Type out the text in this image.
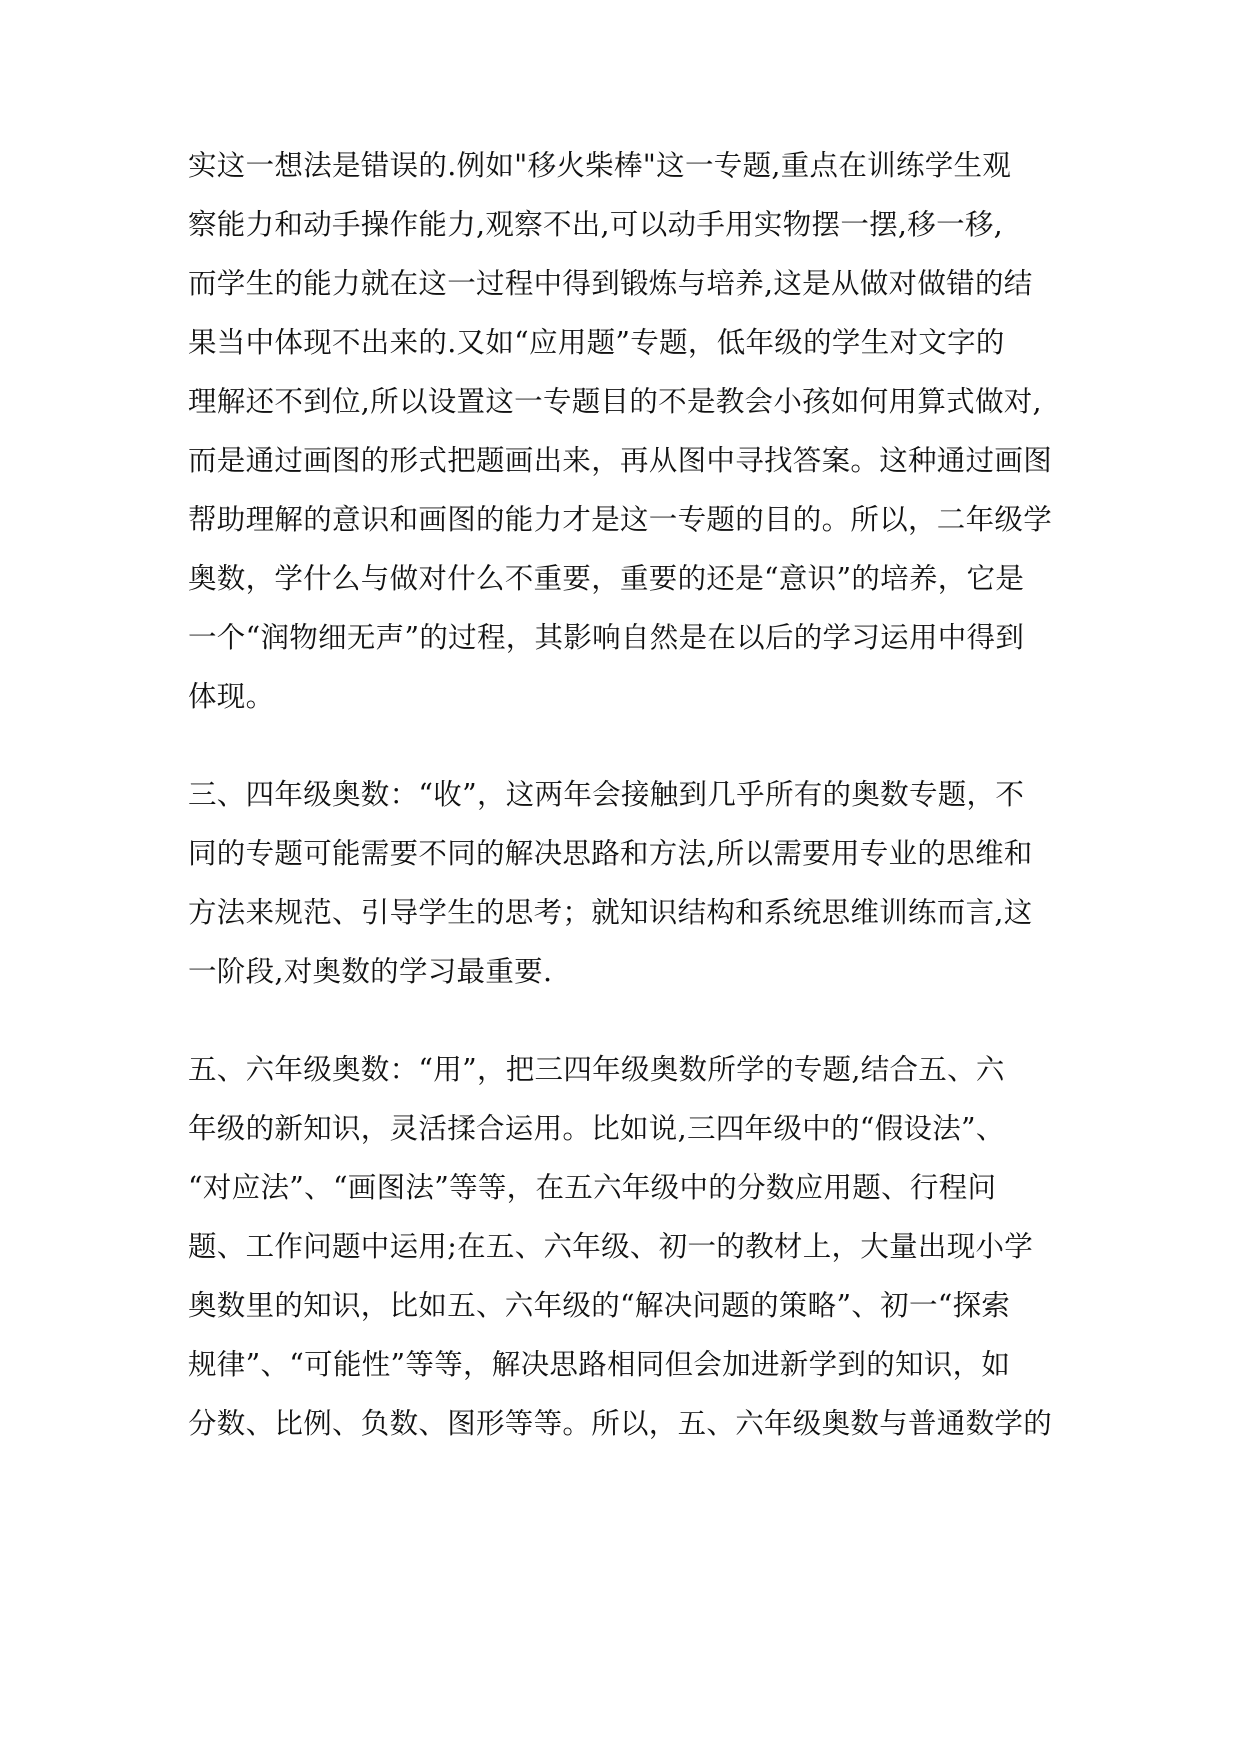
实这一想法是错误的.例如"移火柴棒"这一专题,重点在训练学生观
察能力和动手操作能力,观察不出,可以动手用实物摆一摆,移一移,
而学生的能力就在这一过程中得到锻炼与培养,这是从做对做错的结
果当中体现不出来的.又如“应用题”专题，低年级的学生对文字的
理解还不到位,所以设置这一专题目的不是教会小孩如何用算式做对,
而是通过画图的形式把题画出来，再从图中寻找答案。这种通过画图
帮助理解的意识和画图的能力才是这一专题的目的。所以，二年级学
奥数，学什么与做对什么不重要，重要的还是“意识”的培养，它是
一个“润物细无声”的过程，其影响自然是在以后的学习运用中得到
体现。
三、四年级奥数：“收”，这两年会接触到几乎所有的奥数专题，不
同的专题可能需要不同的解决思路和方法,所以需要用专业的思维和
方法来规范、引导学生的思考；就知识结构和系统思维训练而言,这
一阶段,对奥数的学习最重要.
五、六年级奥数：“用”，把三四年级奥数所学的专题,结合五、六
年级的新知识，灵活揉合运用。比如说,三四年级中的“假设法”、
“对应法”、“画图法”等等，在五六年级中的分数应用题、行程问
题、工作问题中运用;在五、六年级、初一的教材上，大量出现小学
奥数里的知识，比如五、六年级的“解决问题的策略”、初一“探索
规律”、“可能性”等等，解决思路相同但会加进新学到的知识，如
分数、比例、负数、图形等等。所以，五、六年级奥数与普通数学的
